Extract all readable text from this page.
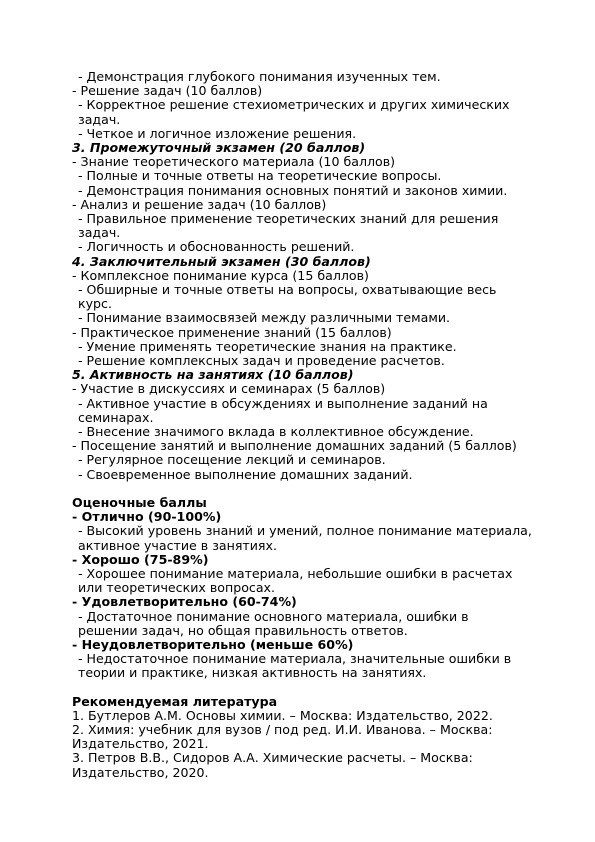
- Демонстрация глубокого понимания изученных тем.

- Решение задач (10 баллов)

- Корректное решение стехиометрических и других химических задач.

- Четкое и логичное изложение решения.

3. Промежуточный экзамен (20 баллов)

- Знание теоретического материала (10 баллов)

- Полные и точные ответы на теоретические вопросы.

- Демонстрация понимания основных понятий и законов химии.

- Анализ и решение задач (10 баллов)

- Правильное применение теоретических знаний для решения задач.

- Логичность и обоснованность решений.

4. Заключительный экзамен (30 баллов)

- Комплексное понимание курса (15 баллов)

- Обширные и точные ответы на вопросы, охватывающие весь курс.

- Понимание взаимосвязей между различными темами.

- Практическое применение знаний (15 баллов)

- Умение применять теоретические знания на практике.

- Решение комплексных задач и проведение расчетов.

5. Активность на занятиях (10 баллов)

- Участие в дискуссиях и семинарах (5 баллов)

- Активное участие в обсуждениях и выполнение заданий на семинарах.

- Внесение значимого вклада в коллективное обсуждение.

- Посещение занятий и выполнение домашних заданий (5 баллов)

- Регулярное посещение лекций и семинаров.

- Своевременное выполнение домашних заданий.

Оценочные баллы

- Отлично (90-100%)

- Высокий уровень знаний и умений, полное понимание материала, активное участие в занятиях.

- Хорошо (75-89%)

- Хорошее понимание материала, небольшие ошибки в расчетах или теоретических вопросах.

- Удовлетворительно (60-74%)

- Достаточное понимание основного материала, ошибки в решении задач, но общая правильность ответов.

- Неудовлетворительно (меньше 60%)

- Недостаточное понимание материала, значительные ошибки в теории и практике, низкая активность на занятиях.

Рекомендуемая литература

1. Бутлеров А.М. Основы химии. – Москва: Издательство, 2022.

2. Химия: учебник для вузов / под ред. И.И. Иванова. – Москва: Издательство, 2021.

3. Петров В.В., Сидоров А.А. Химические расчеты. – Москва: Издательство, 2020.
